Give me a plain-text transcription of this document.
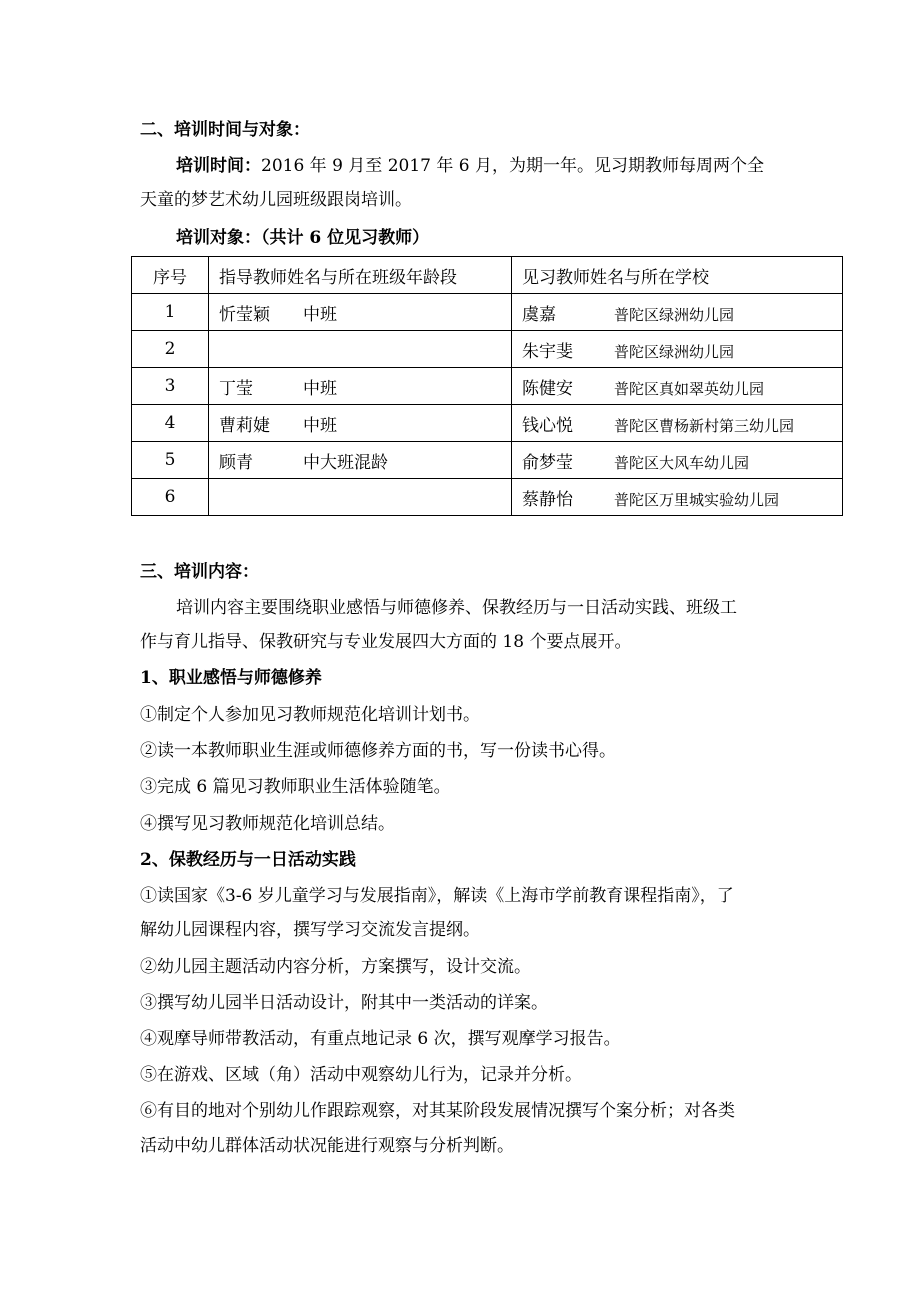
二、培训时间与对象：
培训时间：2016 年 9 月至 2017 年 6 月，为期一年。见习期教师每周两个全
天童的梦艺术幼儿园班级跟岗培训。
培训对象：（共计 6 位见习教师）
序号	指导教师姓名与所在班级年龄段	见习教师姓名与所在学校
1	忻莹颖 中班	虞嘉 普陀区绿洲幼儿园
2		朱宇斐 普陀区绿洲幼儿园
3	丁莹 中班	陈健安 普陀区真如翠英幼儿园
4	曹莉婕 中班	钱心悦 普陀区曹杨新村第三幼儿园
5	顾青 中大班混龄	俞梦莹 普陀区大风车幼儿园
6		蔡静怡 普陀区万里城实验幼儿园
三、培训内容：
培训内容主要围绕职业感悟与师德修养、保教经历与一日活动实践、班级工
作与育儿指导、保教研究与专业发展四大方面的 18 个要点展开。
1、职业感悟与师德修养
①制定个人参加见习教师规范化培训计划书。
②读一本教师职业生涯或师德修养方面的书，写一份读书心得。
③完成 6 篇见习教师职业生活体验随笔。
④撰写见习教师规范化培训总结。
2、保教经历与一日活动实践
①读国家《3-6 岁儿童学习与发展指南》，解读《上海市学前教育课程指南》，了
解幼儿园课程内容，撰写学习交流发言提纲。
②幼儿园主题活动内容分析，方案撰写，设计交流。
③撰写幼儿园半日活动设计，附其中一类活动的详案。
④观摩导师带教活动，有重点地记录 6 次，撰写观摩学习报告。
⑤在游戏、区域（角）活动中观察幼儿行为，记录并分析。
⑥有目的地对个别幼儿作跟踪观察，对其某阶段发展情况撰写个案分析；对各类
活动中幼儿群体活动状况能进行观察与分析判断。
